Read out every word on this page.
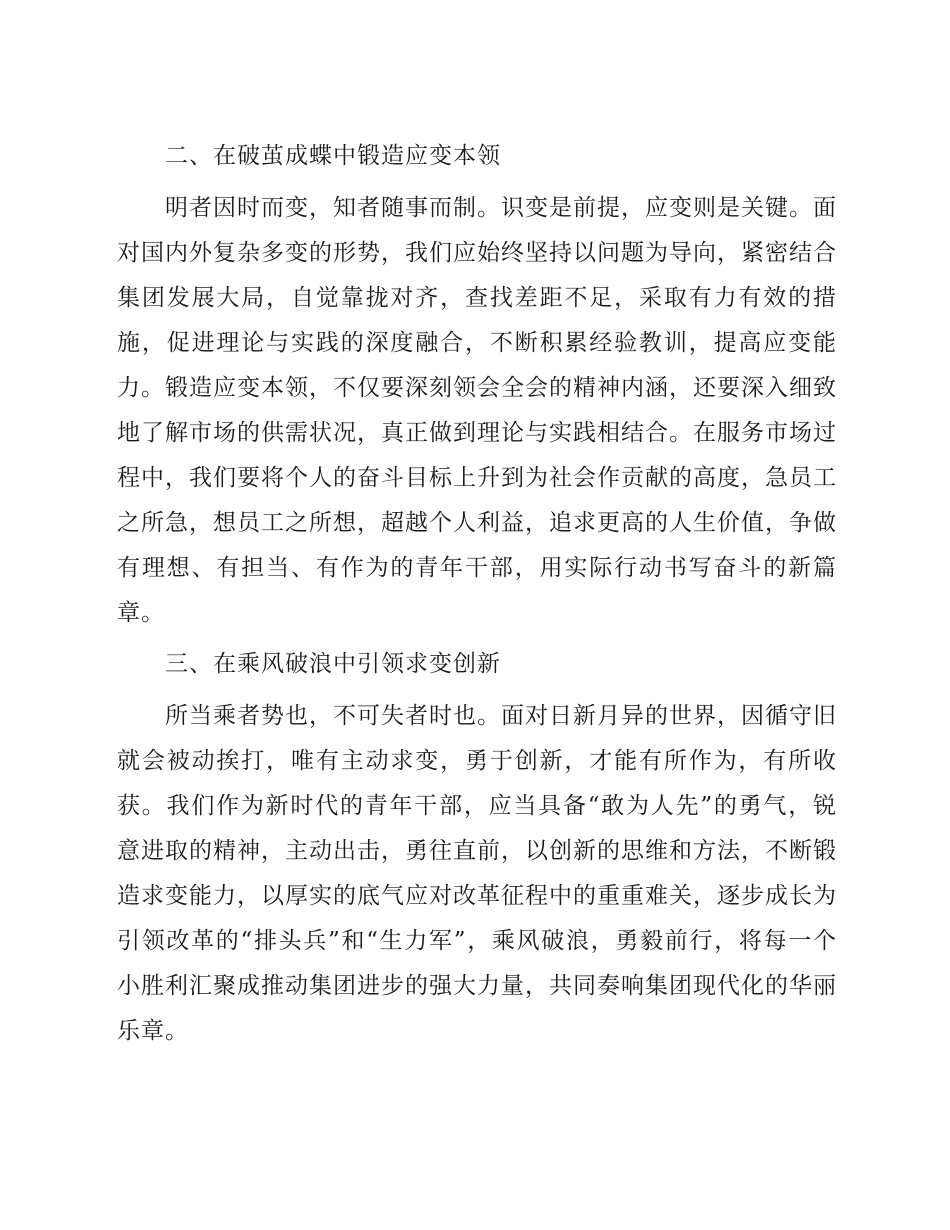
二、在破茧成蝶中锻造应变本领

明者因时而变，知者随事而制。识变是前提，应变则是关键。面对国内外复杂多变的形势，我们应始终坚持以问题为导向，紧密结合集团发展大局，自觉靠拢对齐，查找差距不足，采取有力有效的措施，促进理论与实践的深度融合，不断积累经验教训，提高应变能力。锻造应变本领，不仅要深刻领会全会的精神内涵，还要深入细致地了解市场的供需状况，真正做到理论与实践相结合。在服务市场过程中，我们要将个人的奋斗目标上升到为社会作贡献的高度，急员工之所急，想员工之所想，超越个人利益，追求更高的人生价值，争做有理想、有担当、有作为的青年干部，用实际行动书写奋斗的新篇章。

三、在乘风破浪中引领求变创新

所当乘者势也，不可失者时也。面对日新月异的世界，因循守旧就会被动挨打，唯有主动求变，勇于创新，才能有所作为，有所收获。我们作为新时代的青年干部，应当具备“敢为人先”的勇气，锐意进取的精神，主动出击，勇往直前，以创新的思维和方法，不断锻造求变能力，以厚实的底气应对改革征程中的重重难关，逐步成长为引领改革的“排头兵”和“生力军”，乘风破浪，勇毅前行，将每一个小胜利汇聚成推动集团进步的强大力量，共同奏响集团现代化的华丽乐章。
